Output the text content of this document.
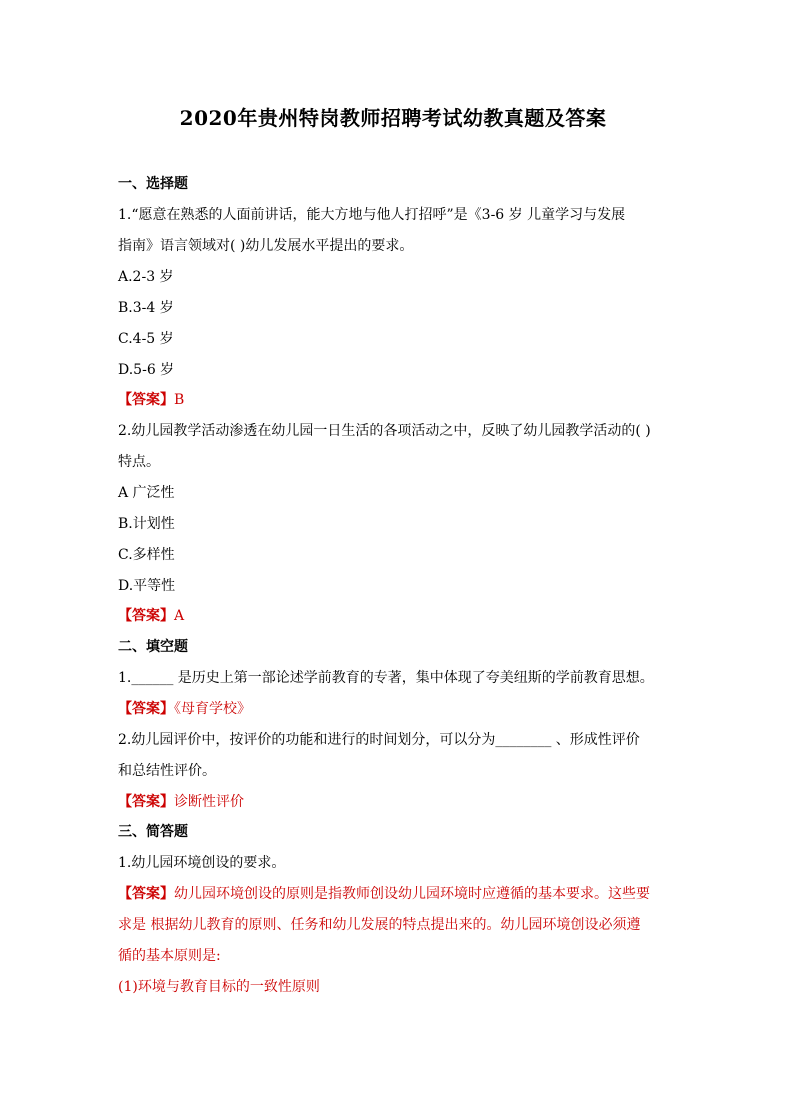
2020年贵州特岗教师招聘考试幼教真题及答案
一、选择题
1.“愿意在熟悉的人面前讲话，能大方地与他人打招呼”是《3-6 岁 儿童学习与发展
指南》语言领域对( )幼儿发展水平提出的要求。
A.2-3 岁
B.3-4 岁
C.4-5 岁
D.5-6 岁
【答案】B
2.幼儿园教学活动渗透在幼儿园一日生活的各项活动之中，反映了幼儿园教学活动的( )
特点。
A 广泛性
B.计划性
C.多样性
D.平等性
【答案】A
二、填空题
1.______ 是历史上第一部论述学前教育的专著，集中体现了夸美纽斯的学前教育思想。
【答案】《母育学校》
2.幼儿园评价中，按评价的功能和进行的时间划分，可以分为________ 、形成性评价
和总结性评价。
【答案】诊断性评价
三、简答题
1.幼儿园环境创设的要求。
【答案】幼儿园环境创设的原则是指教师创设幼儿园环境时应遵循的基本要求。这些要
求是 根据幼儿教育的原则、任务和幼儿发展的特点提出来的。幼儿园环境创设必须遵
循的基本原则是:
(1)环境与教育目标的一致性原则
